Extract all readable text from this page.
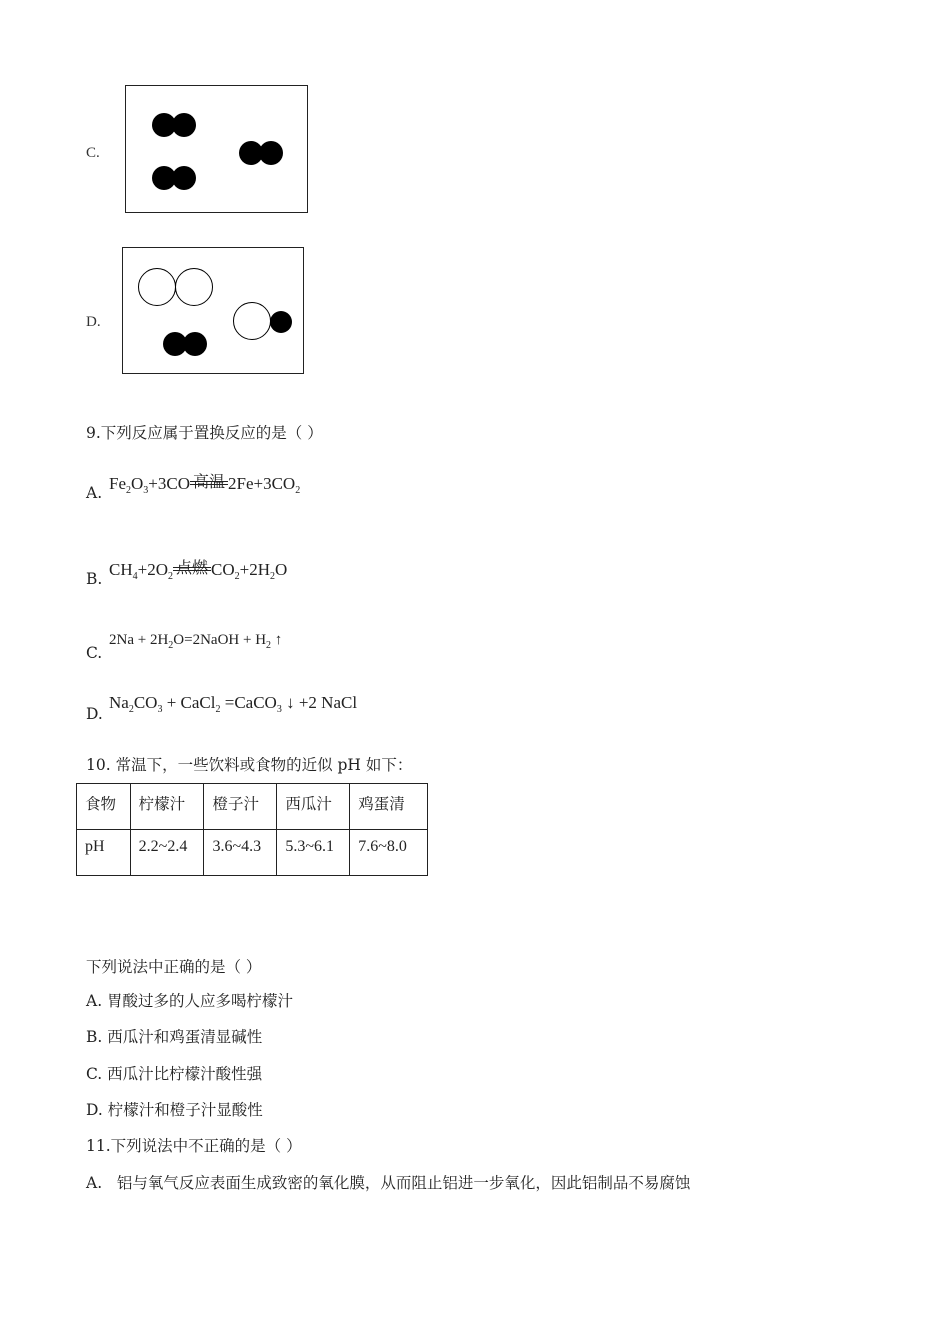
C.
D.
9.下列反应属于置换反应的是（ ）
A. $Fe_2O_3+3CO$ 高温 $2Fe+3CO_2$
B. $CH_4+2O_2$ 点燃 $CO_2+2H_2O$
C.
$2Na + 2H_2O=2NaOH + H_2$ ↑
D.
$Na_2CO_3$ + CaCl$_2$ =CaCO$_3$ ↓ +2 NaCl
10. 常温下，一些饮料或食物的近似 pH 如下：
食物	柠檬汁	橙子汁	西瓜汁	鸡蛋清
pH	2.2~2.4	3.6~4.3	5.3~6.1	7.6~8.0
下列说法中正确的是（ ）
A. 胃酸过多的人应多喝柠檬汁
B. 西瓜汁和鸡蛋清显碱性
C. 西瓜汁比柠檬汁酸性强
D. 柠檬汁和橙子汁显酸性
11.下列说法中不正确的是（ ）
A.   铝与氧气反应表面生成致密的氧化膜，从而阻止铝进一步氧化，因此铝制品不易腐蚀
